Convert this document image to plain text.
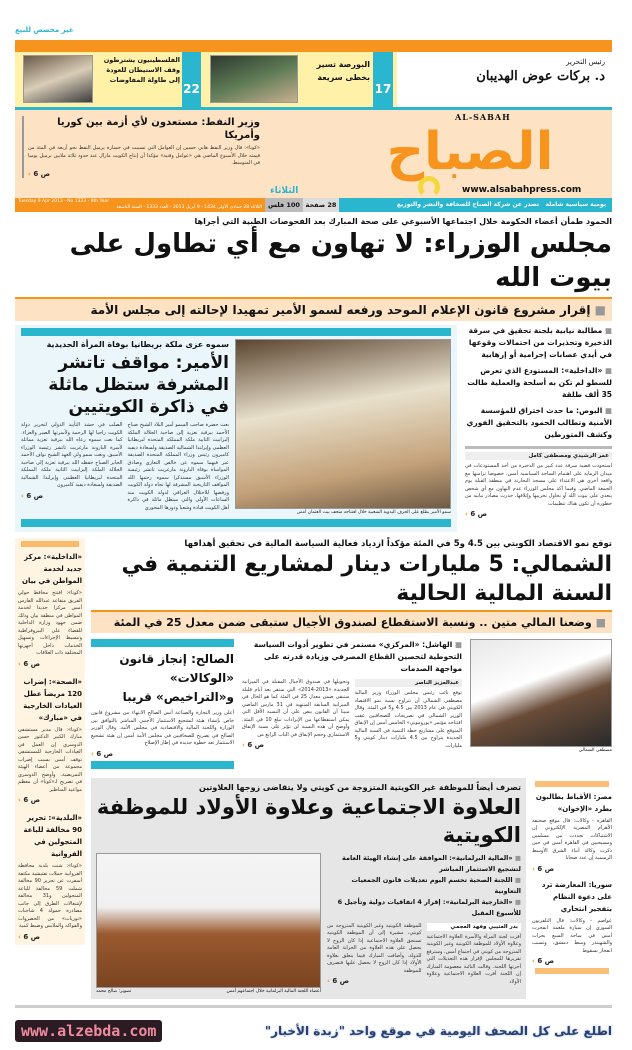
غير مخصص للبيع
البورصة تسير بخطى سريعة
17
الفلسطينيون يشترطون وقف الاستيطان للعودة إلى طاولة المفاوضات
22
رئيس التحرير
د. بركات عوض الهديبان
وزير النفط: مستعدون لأي أزمة بين كوريا وأمريكا
«كونا»: قال وزير النفط هاني حسين إن العوامل التي تسببت في خسارة برميل النفط نحو أربعة في المئة من قيمته خلال الأسبوع الماضي هي «عوامل وقتية» مؤكدا أن إنتاج الكويت مازال عند حدود ثلاثة ملايين برميل يوميا في المتوسط.
ص 6 ›	الصباح
AL-SABAH
www.alsabahpress.com
الثلاثاء
Tuesday 9 Apr 2013 - No 1333 - 9th Year
الثلاثاء 28 جمادى الأولى 1434 - 9 أبريل 2013 - العدد 1333 - السنة التاسعة 100 فلس 28 صفحة	يومية سياسية شاملة   تصدر عن شركة الصباح للصحافة والنشر والتوزيع
الحمود طمأن أعضاء الحكومة خلال اجتماعها الأسبوعي على صحة المبارك بعد الفحوصات الطبية التي أجراها
مجلس الوزراء: لا تهاون مع أي تطاول على بيوت الله
■ إقرار مشروع قانون الإعلام الموحد ورفعه لسمو الأمير تمهيدا لإحالته إلى مجلس الأمة
■ مطالبة نيابية بلجنة تحقيق في سرقة الذخيرة وتحذيرات من احتمالات وقوعها في أيدي عصابات إجرامية أو إرهابية
■ «الداخلية»: المستودع الذي تعرض للسطو لم تكن به أسلحة والعملية طالت 35 ألف طلقة
■ البوص: ما حدث اختراق للمؤسسة الأمنية وتطالب الحمود بالتحقيق الفوري وكشف المتورطين
عمر الرشيدي ومصطفى كامل
استحوذت قضية سرقة عدد كبير من الذخيرة من أحد المستودعات في ميدان الرماية على اهتمام الساحة السياسية أمس، خصوصا تزامنها مع واقعة أخرى هي الاعتداء على مسجد البحارنة في منطقة القبلة يوم الجمعة الماضي. وفيما أكد مجلس الوزراء عدم التهاون مع أي شخص يتعدى على بيوت الله أو يحاول تخريبها وإتلافها، حذرت مصادر نيابية من خطورة أن تكون هناك تنظيمات
ص 6 ›
سمو الأمير يطلع على الحرف اليدوية الشعبية خلال افتتاحه متحف بيت العثمان أمس
سموه عزى ملكة بريطانيا بوفاة المرأة الحديدية
الأمير: مواقف تاتشر المشرفة ستظل ماثلة في ذاكرة الكويتيين
بعث حضرة صاحب السمو أمير البلاد الشيخ صباح الأحمد ببرقية تعزية إلى صاحبة الجلالة الملكة إليزابيث الثانية ملكة المملكة المتحدة لبريطانيا العظمى وإيرلندا الشمالية الصديقة ولسعادة ديفيد كاميرون رئيس وزراء المملكة المتحدة الصديقة عبر فيهما سموه عن خالص التعازي وصادق المواساة بوفاة البارونة مارغريت تاتشر رئيسة الوزراء الأسبق مستذكرا سموه رحمها الله المواقف التاريخية المشرفة لها تجاه دولة الكويت ورفضها للاحتلال العراقي لدولة الكويت منذ الساعات الأولى والتي ستظل ماثلة في ذاكرة أهل الكويت قيادة وشعبا ودورها المحوري
الصلب في حشد التأييد الدولي لتحرير دولة الكويت راجيا لها الرحمة ولأسرتها الصبر والعزاء. كما بعث سموه رعاه الله ببرقية تعزية مماثلة لأسرة البارونة مارغريت تاتشر رئيسة الوزراء الأسبق. وبعث سمو ولي العهد الشيخ نواف الأحمد الجابر الصباح حفظه الله ببرقية تعزية إلى صاحبة الجلالة الملكة إليزابيث الثانية ملكة المملكة المتحدة لبريطانيا العظمى وإيرلندا الشمالية الصديقة ولسعادة ديفيد كاميرون
ص 6 ›
توقع نمو الاقتصاد الكويتي بين 4.5 و5 في المئة مؤكداً ازدياد فعالية السياسة المالية في تحقيق أهدافها
الشمالي: 5 مليارات دينار لمشاريع التنمية في السنة المالية الحالية
■ وضعنا المالي متين .. ونسبة الاستقطاع لصندوق الأجيال ستبقى ضمن معدل 25 في المئة
مصطفى الشمالي
■ الهاشل: «المركزي» مستمر في تطوير أدوات السياسة التحوطية لتحصين القطاع المصرفي وزيادة قدرته على مواجهة الصدمات
عبدالعزيز الناصر
توقع نائب رئيس مجلس الوزراء وزير المالية مصطفى الشمالي أن تتراوح نسبة نمو الاقتصاد الكويتي في عام 2013 بين 4.5 و5 في المئة. وقال الوزير الشمالي في تصريحات للصحافيين عقب افتتاحه مؤتمر «يوروموني» الخامس أمس إن الإنفاق المتوقع على مشاريع خطة التنمية في السنة المالية الجديدة يتراوح بين 4.5 مليارات دينار كويتي و5 مليارات.
وتحويلها في صندوق الأجيال المقبلة في الميزانية الجديدة «2013-2014» التي ستقر بعد أيام قليلة ستبقى ضمن معدل 25 في المئة كما هو الحال في الميزانية السابقة المنتهية في 31 مارس الماضي مبينا أن القانون ينص على أن النسبة الأقل التي يمكن استقطاعها من الإيرادات تبلغ 10 في المئة. وأوضح أن هذه النسبة لن تؤثر على نسبة الإنفاق الاستثماري وحجم الإنفاق في الباب الرابع من
ص 6 ›
الصالح: إنجاز قانون «الوكالات» و«التراخيص» قريبا
أعلن وزير التجارة والصناعة أنس الصالح الانتهاء من مشروع قانون خاص بإنشاء هيئة لتشجيع الاستثمار الأجنبي المباشر بالتوافق بين الوزارة واللجنة المالية والاقتصادية في مجلس الأمة. وقال الوزير الصالح في تصريح للصحافيين في مجلس الأمة أمس إن هيئة تشجيع الاستثمار تعد خطوة جديدة في إطار الإصلاح
ص 6 ›
مصر: الأقباط يطالبون بطرد «الإخوان»
القاهرة - وكالات: قال موقع صحيفة الأهرام المصرية الإلكتروني إن الاشتباكات تجددت بين مسلمين ومسيحيين في القاهرة أمس في حين ذكرت وكالة أنباء الشرق الأوسط الرسمية إن عدد ضحايا
ص 6 ›
سوريا: المعارضة ترد على دعوة النظام بتفجير انتحاري
عواصم - وكالات: قال التلفزيون السوري إن سيارة ملغمة انفجرت أمس في ساحة السبع بحرات والشهبندر وسط دمشق، وتسبب انفجار بسقوط
ص 6 ›
تصرف أيضاً للموظفة غير الكويتية المتزوجة من كويتي ولا يتقاضى زوجها العلاوتين
العلاوة الاجتماعية وعلاوة الأولاد للموظفة الكويتية
■ «المالية البرلمانية»: الموافقة على إنشاء الهيئة العامة لتشجيع الاستثمار المباشر
■ اللجنة الصحية تحسم اليوم تعديلات قانون الجمعيات التعاونية
■ «الخارجية البرلمانية»: إقرار 4 اتفاقيات دولية وتأجيل 6 للأسبوع المقبل
بدر العتيبي وفهد العجمي
أقرت لجنة المرأة والأسرة العلاوة الاجتماعية وعلاوة الأولاد للموظفة الكويتية وغير الكويتية المتزوجة من كويتي في اجتماع أمس، وسترفع تقريرها للمجلس لإقرار هذه التعديلات التي أجرتها اللجنة. وقالت النائبة معصومة المبارك إن اللجنة أقرت العلاوة الاجتماعية وعلاوة الأولاد
للموظفة الكويتية وغير الكويتية المتزوجة من كويتي، مشيرة إلى أن الموظفة الكويتية تستحق العلاوة الاجتماعية إذا كان الزوج لا يحصل على هذه العلاوة من الخزانة العامة للدولة. وأضافت المبارك فيما يتعلق بعلاوة الأولاد إذا كان الزوج لا يحصل عليها فتصرف للموظفة
ص 6 ›
أعضاء اللجنة المالية البرلمانية خلال اجتماعهم أمس
تصوير: صالح محمد
«الداخلية»: مركز جديد لخدمة المواطن في بيان
«كونا»: افتتح محافظ حولي الفريق متقاعد عبدالله الفارس أمس مركزا جديدا لخدمة المواطن في منطقة بيان وذلك ضمن جهود وزارة الداخلية للقضاء على البيروقراطية وتبسيط الإجراءات وتسهيل الخدمات داخل أجهزتها المختلفة ذات العلاقات
ص 6 ›
«الصحة»: إضراب 120 مريضاً عطل العيادات الخارجية في «مبارك»
«كونا»: قال مدير مستشفى مبارك الكبير الدكتور حسن الدوسري إن العمل في العيادات الخارجية للمستشفى توقف أمس بسبب إضراب مجموعة من أعضاء الهيئة التمريضية. وأوضح الدوسري في تصريح لـ«كونا» أن معظم مواعيد المناظير
ص 6 ›
«البلدية»: تحرير 90 مخالفة للباعة المتجولين في الفروانية
«كونا»: شنت بلدية محافظة الفروانية حملات تفتيشية مكثفة أسفرت عن تحرير 90 مخالفة شملت 59 مخالفة للباعة المتجولين و31 مخالفة لإشغالات الطرق إلى جانب مصادرة حمولة 4 شاحنات «نوريات» من الخضروات والفواكه والملابس وضبط كمية
ص 6 ›
اطلع على كل الصحف اليومية في موقع واحد "زبدة الأخبار"
www.alzebda.com
